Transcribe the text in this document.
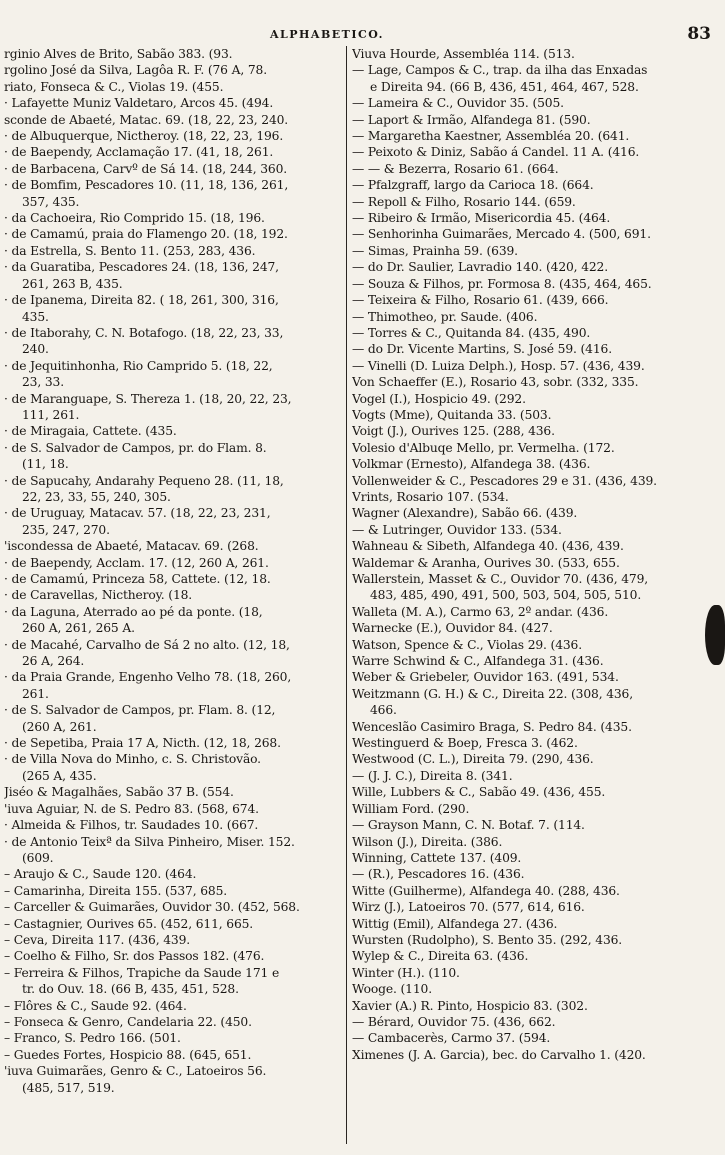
ALPHABETICO.	83
rginio Alves de Brito, Sabão 383. (93.
rgolino José da Silva, Lagôa R. F. (76 A, 78.
riato, Fonseca & C., Violas 19. (455.
· Lafayette Muniz Valdetaro, Arcos 45. (494.
sconde de Abaeté, Matac. 69. (18, 22, 23, 240.
· de Albuquerque, Nictheroy. (18, 22, 23, 196.
· de Baependy, Acclamação 17. (41, 18, 261.
· de Barbacena, Carvº de Sá 14. (18, 244, 360.
· de Bomfim, Pescadores 10. (11, 18, 136, 261,
357, 435.
· da Cachoeira, Rio Comprido 15. (18, 196.
· de Camamú, praia do Flamengo 20. (18, 192.
· da Estrella, S. Bento 11. (253, 283, 436.
· da Guaratiba, Pescadores 24. (18, 136, 247,
261, 263 B, 435.
· de Ipanema, Direita 82. ( 18, 261, 300, 316,
435.
· de Itaborahy, C. N. Botafogo. (18, 22, 23, 33,
240.
· de Jequitinhonha, Rio Camprido 5. (18, 22,
23, 33.
· de Maranguape, S. Thereza 1. (18, 20, 22, 23,
111, 261.
· de Miragaia, Cattete. (435.
· de S. Salvador de Campos, pr. do Flam. 8.
(11, 18.
· de Sapucahy, Andarahy Pequeno 28. (11, 18,
22, 23, 33, 55, 240, 305.
· de Uruguay, Matacav. 57. (18, 22, 23, 231,
235, 247, 270.
'iscondessa de Abaeté, Matacav. 69. (268.
· de Baependy, Acclam. 17. (12, 260 A, 261.
· de Camamú, Princeza 58, Cattete. (12, 18.
· de Caravellas, Nictheroy. (18.
· da Laguna, Aterrado ao pé da ponte. (18,
260 A, 261, 265 A.
· de Macahé, Carvalho de Sá 2 no alto. (12, 18,
26 A, 264.
· da Praia Grande, Engenho Velho 78. (18, 260,
261.
· de S. Salvador de Campos, pr. Flam. 8. (12,
(260 A, 261.
· de Sepetiba, Praia 17 A, Nicth. (12, 18, 268.
· de Villa Nova do Minho, c. S. Christovão.
(265 A, 435.
Jiséo & Magalhães, Sabão 37 B. (554.
'iuva Aguiar, N. de S. Pedro 83. (568, 674.
· Almeida & Filhos, tr. Saudades 10. (667.
· de Antonio Teixª da Silva Pinheiro, Miser. 152.
(609.
– Araujo & C., Saude 120. (464.
– Camarinha, Direita 155. (537, 685.
– Carceller & Guimarães, Ouvidor 30. (452, 568.
– Castagnier, Ourives 65. (452, 611, 665.
– Ceva, Direita 117. (436, 439.
– Coelho & Filho, Sr. dos Passos 182. (476.
– Ferreira & Filhos, Trapiche da Saude 171 e
tr. do Ouv. 18. (66 B, 435, 451, 528.
– Flôres & C., Saude 92. (464.
– Fonseca & Genro, Candelaria 22. (450.
– Franco, S. Pedro 166. (501.
– Guedes Fortes, Hospicio 88. (645, 651.
'iuva Guimarães, Genro & C., Latoeiros 56.
(485, 517, 519.
Viuva Hourde, Assembléa 114. (513.
— Lage, Campos & C., trap. da ilha das Enxadas
e Direita 94. (66 B, 436, 451, 464, 467, 528.
— Lameira & C., Ouvidor 35. (505.
— Laport & Irmão, Alfandega 81. (590.
— Margaretha Kaestner, Assembléa 20. (641.
— Peixoto & Diniz, Sabão á Candel. 11 A. (416.
— — & Bezerra, Rosario 61. (664.
— Pfalzgraff, largo da Carioca 18. (664.
— Repoll & Filho, Rosario 144. (659.
— Ribeiro & Irmão, Misericordia 45. (464.
— Senhorinha Guimarães, Mercado 4. (500, 691.
— Simas, Prainha 59. (639.
— do Dr. Saulier, Lavradio 140. (420, 422.
— Souza & Filhos, pr. Formosa 8. (435, 464, 465.
— Teixeira & Filho, Rosario 61. (439, 666.
— Thimotheo, pr. Saude. (406.
— Torres & C., Quitanda 84. (435, 490.
— do Dr. Vicente Martins, S. José 59. (416.
— Vinelli (D. Luiza Delph.), Hosp. 57. (436, 439.
Von Schaeffer (E.), Rosario 43, sobr. (332, 335.
Vogel (I.), Hospicio 49. (292.
Vogts (Mme), Quitanda 33. (503.
Voigt (J.), Ourives 125. (288, 436.
Volesio d'Albuqe Mello, pr. Vermelha. (172.
Volkmar (Ernesto), Alfandega 38. (436.
Vollenweider & C., Pescadores 29 e 31. (436, 439.
Vrints, Rosario 107. (534.
Wagner (Alexandre), Sabão 66. (439.
— & Lutringer, Ouvidor 133. (534.
Wahneau & Sibeth, Alfandega 40. (436, 439.
Waldemar & Aranha, Ourives 30. (533, 655.
Wallerstein, Masset & C., Ouvidor 70. (436, 479,
483, 485, 490, 491, 500, 503, 504, 505, 510.
Walleta (M. A.), Carmo 63, 2º andar. (436.
Warnecke (E.), Ouvidor 84. (427.
Watson, Spence & C., Violas 29. (436.
Warre Schwind & C., Alfandega 31. (436.
Weber & Griebeler, Ouvidor 163. (491, 534.
Weitzmann (G. H.) & C., Direita 22. (308, 436,
466.
Wenceslão Casimiro Braga, S. Pedro 84. (435.
Westinguerd & Boep, Fresca 3. (462.
Westwood (C. L.), Direita 79. (290, 436.
— (J. J. C.), Direita 8. (341.
Wille, Lubbers & C., Sabão 49. (436, 455.
William Ford. (290.
— Grayson Mann, C. N. Botaf. 7. (114.
Wilson (J.), Direita. (386.
Winning, Cattete 137. (409.
— (R.), Pescadores 16. (436.
Witte (Guilherme), Alfandega 40. (288, 436.
Wirz (J.), Latoeiros 70. (577, 614, 616.
Wittig (Emil), Alfandega 27. (436.
Wursten (Rudolpho), S. Bento 35. (292, 436.
Wylep & C., Direita 63. (436.
Winter (H.). (110.
Wooge. (110.
Xavier (A.) R. Pinto, Hospicio 83. (302.
— Bérard, Ouvidor 75. (436, 662.
— Cambacerès, Carmo 37. (594.
Ximenes (J. A. Garcia), bec. do Carvalho 1. (420.
